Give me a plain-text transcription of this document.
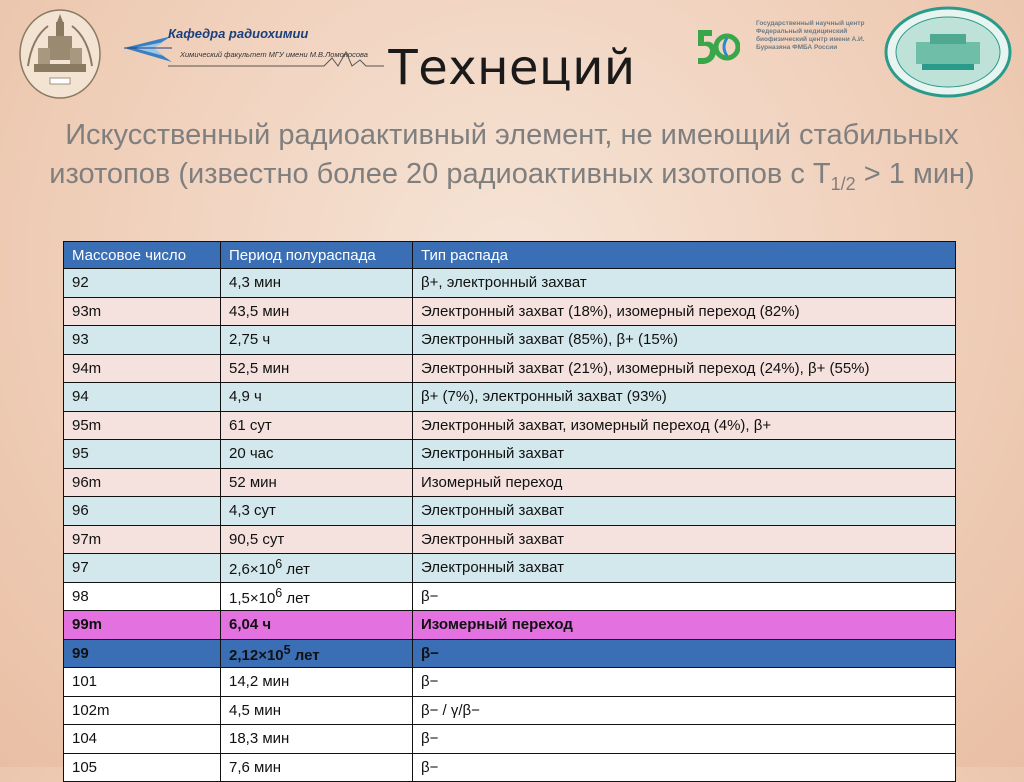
Кафедра радиохимии
Химический факультет МГУ имени М.В.Ломоносова
Государственный научный центр Федеральный медицинский биофизический центр имени А.И. Бурназяна ФМБА России
Технеций
Искусственный радиоактивный элемент, не имеющий стабильных изотопов (известно более 20 радиоактивных изотопов с $T_{1/2} > 1$ мин)
Массовое число	Период полураспада	Тип распада
92	4,3 мин	β+, электронный захват
93m	43,5 мин	Электронный захват (18%), изомерный переход (82%)
93	2,75 ч	Электронный захват (85%), β+ (15%)
94m	52,5 мин	Электронный захват (21%), изомерный переход (24%), β+ (55%)
94	4,9 ч	β+ (7%), электронный захват (93%)
95m	61 сут	Электронный захват, изомерный переход (4%), β+
95	20 час	Электронный захват
96m	52 мин	Изомерный переход
96	4,3 сут	Электронный захват
97m	90,5 сут	Электронный захват
97	$2,6\times 10^6$ лет	Электронный захват
98	$1,5\times 10^6$ лет	β−
99m	6,04 ч	Изомерный переход
99	$2,12\times 10^5$ лет	β−
101	14,2 мин	β−
102m	4,5 мин	β− / γ/β−
104	18,3 мин	β−
105	7,6 мин	β−
